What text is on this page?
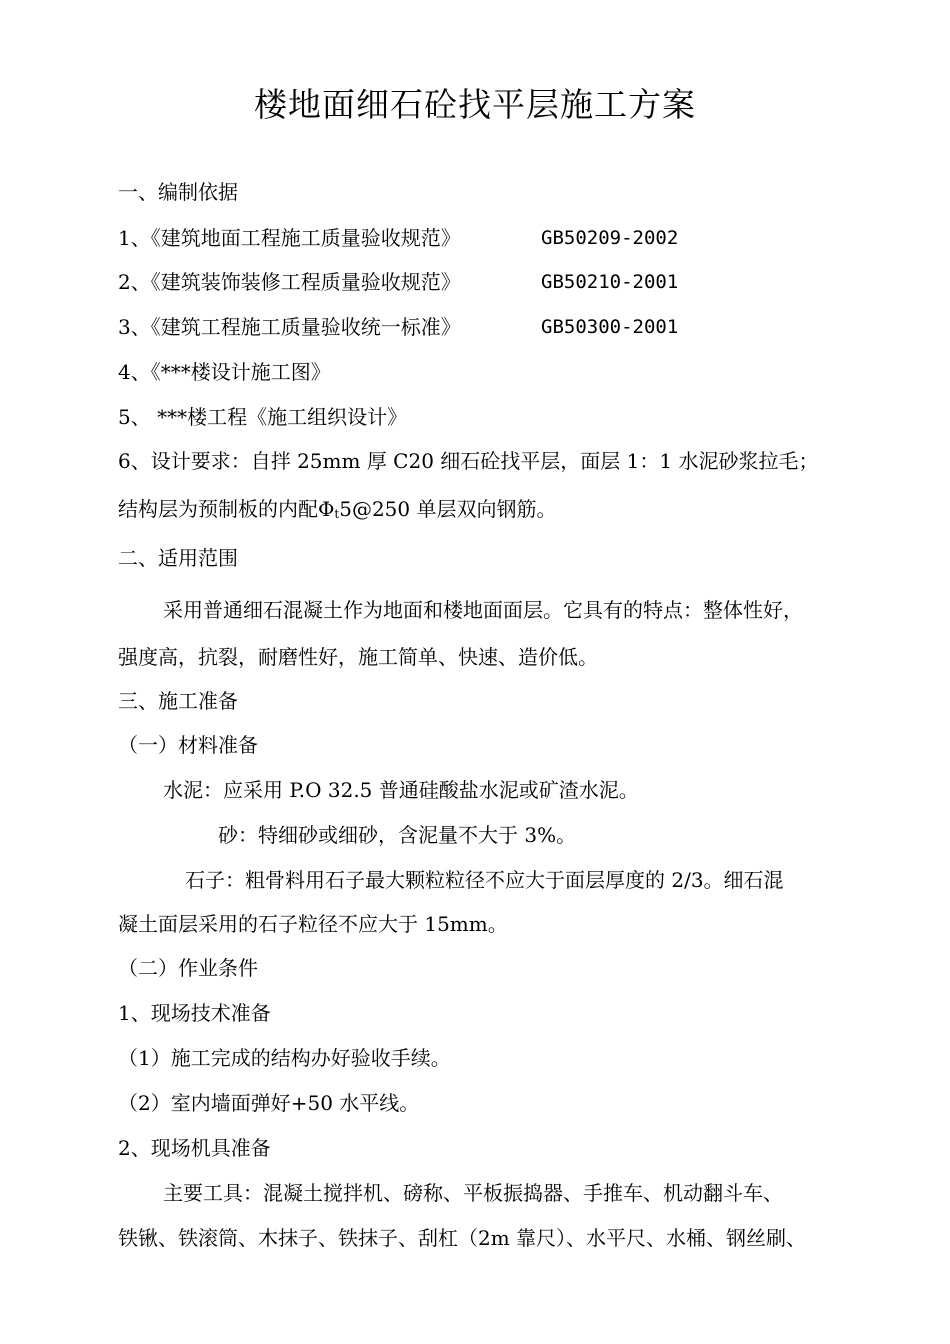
楼地面细石砼找平层施工方案
一、编制依据
1、《建筑地面工程施工质量验收规范》	GB50209-2002
2、《建筑装饰装修工程质量验收规范》	GB50210-2001
3、《建筑工程施工质量验收统一标准》	GB50300-2001
4、《***楼设计施工图》
5、 ***楼工程《施工组织设计》
6、设计要求：自拌 25mm 厚 C20 细石砼找平层，面层 1：1 水泥砂浆拉毛；
结构层为预制板的内配Φt5@250 单层双向钢筋。
二、适用范围
采用普通细石混凝土作为地面和楼地面面层。它具有的特点：整体性好，
强度高，抗裂，耐磨性好，施工简单、快速、造价低。
三、施工准备
（一）材料准备
水泥：应采用 P.O 32.5 普通硅酸盐水泥或矿渣水泥。
砂：特细砂或细砂，含泥量不大于 3%。
石子：粗骨料用石子最大颗粒粒径不应大于面层厚度的 2/3。细石混
凝土面层采用的石子粒径不应大于 15mm。
（二）作业条件
1、现场技术准备
（1）施工完成的结构办好验收手续。
（2）室内墙面弹好+50 水平线。
2、现场机具准备
主要工具：混凝土搅拌机、磅称、平板振捣器、手推车、机动翻斗车、
铁锹、铁滚筒、木抹子、铁抹子、刮杠（2m 靠尺）、水平尺、水桶、钢丝刷、
